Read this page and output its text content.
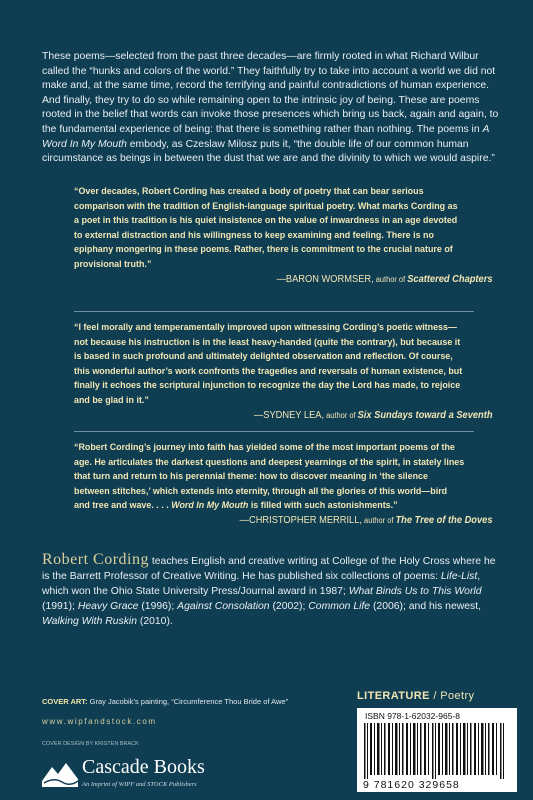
These poems—selected from the past three decades—are firmly rooted in what Richard Wilbur called the “hunks and colors of the world.” They faithfully try to take into account a world we did not make and, at the same time, record the terrifying and painful contradictions of human experience. And finally, they try to do so while remaining open to the intrinsic joy of being. These are poems rooted in the belief that words can invoke those presences which bring us back, again and again, to the fundamental experience of being: that there is something rather than nothing. The poems in A Word In My Mouth embody, as Czeslaw Milosz puts it, “the double life of our common human circumstance as beings in between the dust that we are and the divinity to which we would aspire.”

“Over decades, Robert Cording has created a body of poetry that can bear serious comparison with the tradition of English-language spiritual poetry. What marks Cording as a poet in this tradition is his quiet insistence on the value of inwardness in an age devoted to external distraction and his willingness to keep examining and feeling. There is no epiphany mongering in these poems. Rather, there is commitment to the crucial nature of provisional truth.”

—BARON WORMSER, author of Scattered Chapters

“I feel morally and temperamentally improved upon witnessing Cording’s poetic witness—not because his instruction is in the least heavy-handed (quite the contrary), but because it is based in such profound and ultimately delighted observation and reflection. Of course, this wonderful author’s work confronts the tragedies and reversals of human existence, but finally it echoes the scriptural injunction to recognize the day the Lord has made, to rejoice and be glad in it.”

—SYDNEY LEA, author of Six Sundays toward a Seventh

“Robert Cording’s journey into faith has yielded some of the most important poems of the age. He articulates the darkest questions and deepest yearnings of the spirit, in stately lines that turn and return to his perennial theme: how to discover meaning in ‘the silence between stitches,’ which extends into eternity, through all the glories of this world—bird and tree and wave. . . . Word In My Mouth is filled with such astonishments.”

—CHRISTOPHER MERRILL, author of The Tree of the Doves
Robert Cording teaches English and creative writing at College of the Holy Cross where he is the Barrett Professor of Creative Writing. He has published six collections of poems: Life-List, which won the Ohio State University Press/Journal award in 1987; What Binds Us to This World (1991); Heavy Grace (1996); Against Consolation (2002); Common Life (2006); and his newest, Walking With Ruskin (2010).
COVER ART: Gray Jacobik’s painting, “Circumference Thou Bride of Awe”
www.wipfandstock.com
COVER DESIGN BY KRISTEN BRACK
Cascade Books
An Imprint of WIPF and STOCK Publishers
LITERATURE / Poetry
ISBN 978-1-62032-965-8
9 781620 329658
